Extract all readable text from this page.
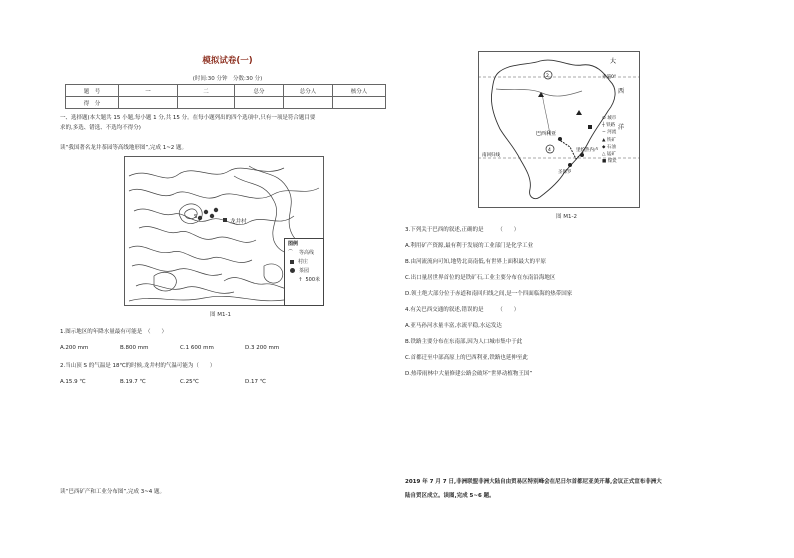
模拟试卷(一)
(时间:30 分钟　分数:30 分)
题　号	一	二	总分	总分人	核分人
得　分					
一、选择题(本大题共 15 小题,每小题 1 分,共 15 分。在每小题列出的四个选项中,只有一项是符合题目要
求的,多选、错选、不选均不得分)
读“我国著名龙井茶园等高线地形图”,完成 1~2 题。
龙井村
S
图例
⌒	等高线
村庄
茶园
↑ 500米
图 M1-1
1.图示地区的年降水量最有可能是　（　　）
A.200 mm	B.800 mm	C.1 600 mm	D.3 200 mm
2.当山顶 S 的气温是 18℃的时候,龙井村的气温可能为（　　）
A.15.9 ℃	B.19.7 ℃	C.25℃	D.17 ℃
读“巴西矿产和工业分布图”,完成 3~4 题。
2
4
大
赤道0°
西
洋
巴西利亚
里约热内卢
圣保罗
南回归线
⊙ 城市
┼ 铁路
∽ 河流
▲ 铁矿
◆ 石油
△ 锰矿
■ 煤炭
图 M1-2
3.下列关于巴西的叙述,正确的是　　　（　　）
A.利用矿产资源,最有利于发展的工业部门是化学工业
B.由河流流向可知,地势北高南低,有世界上面积最大的平原
C.出口量居世界首位的是铁矿石,工业主要分布在东南沿海地区
D.领土绝大部分位于赤道和南回归线之间,是一个四面临海的热带国家
4.有关巴西交通的叙述,错误的是　　　（　　）
A.亚马孙河水量丰富,水流平稳,水运发达
B.铁路主要分布在东南部,因为人口城市集中于此
C.首都迁至中部高原上的巴西利亚,铁路也延伸至此
D.热带雨林中大量修建公路会破坏“世界动植物王国”
2019 年 7 月 7 日,非洲联盟非洲大陆自由贸易区特别峰会在尼日尔首都尼亚美开幕,会议正式宣布非洲大
陆自贸区成立。读图,完成 5~6 题。
